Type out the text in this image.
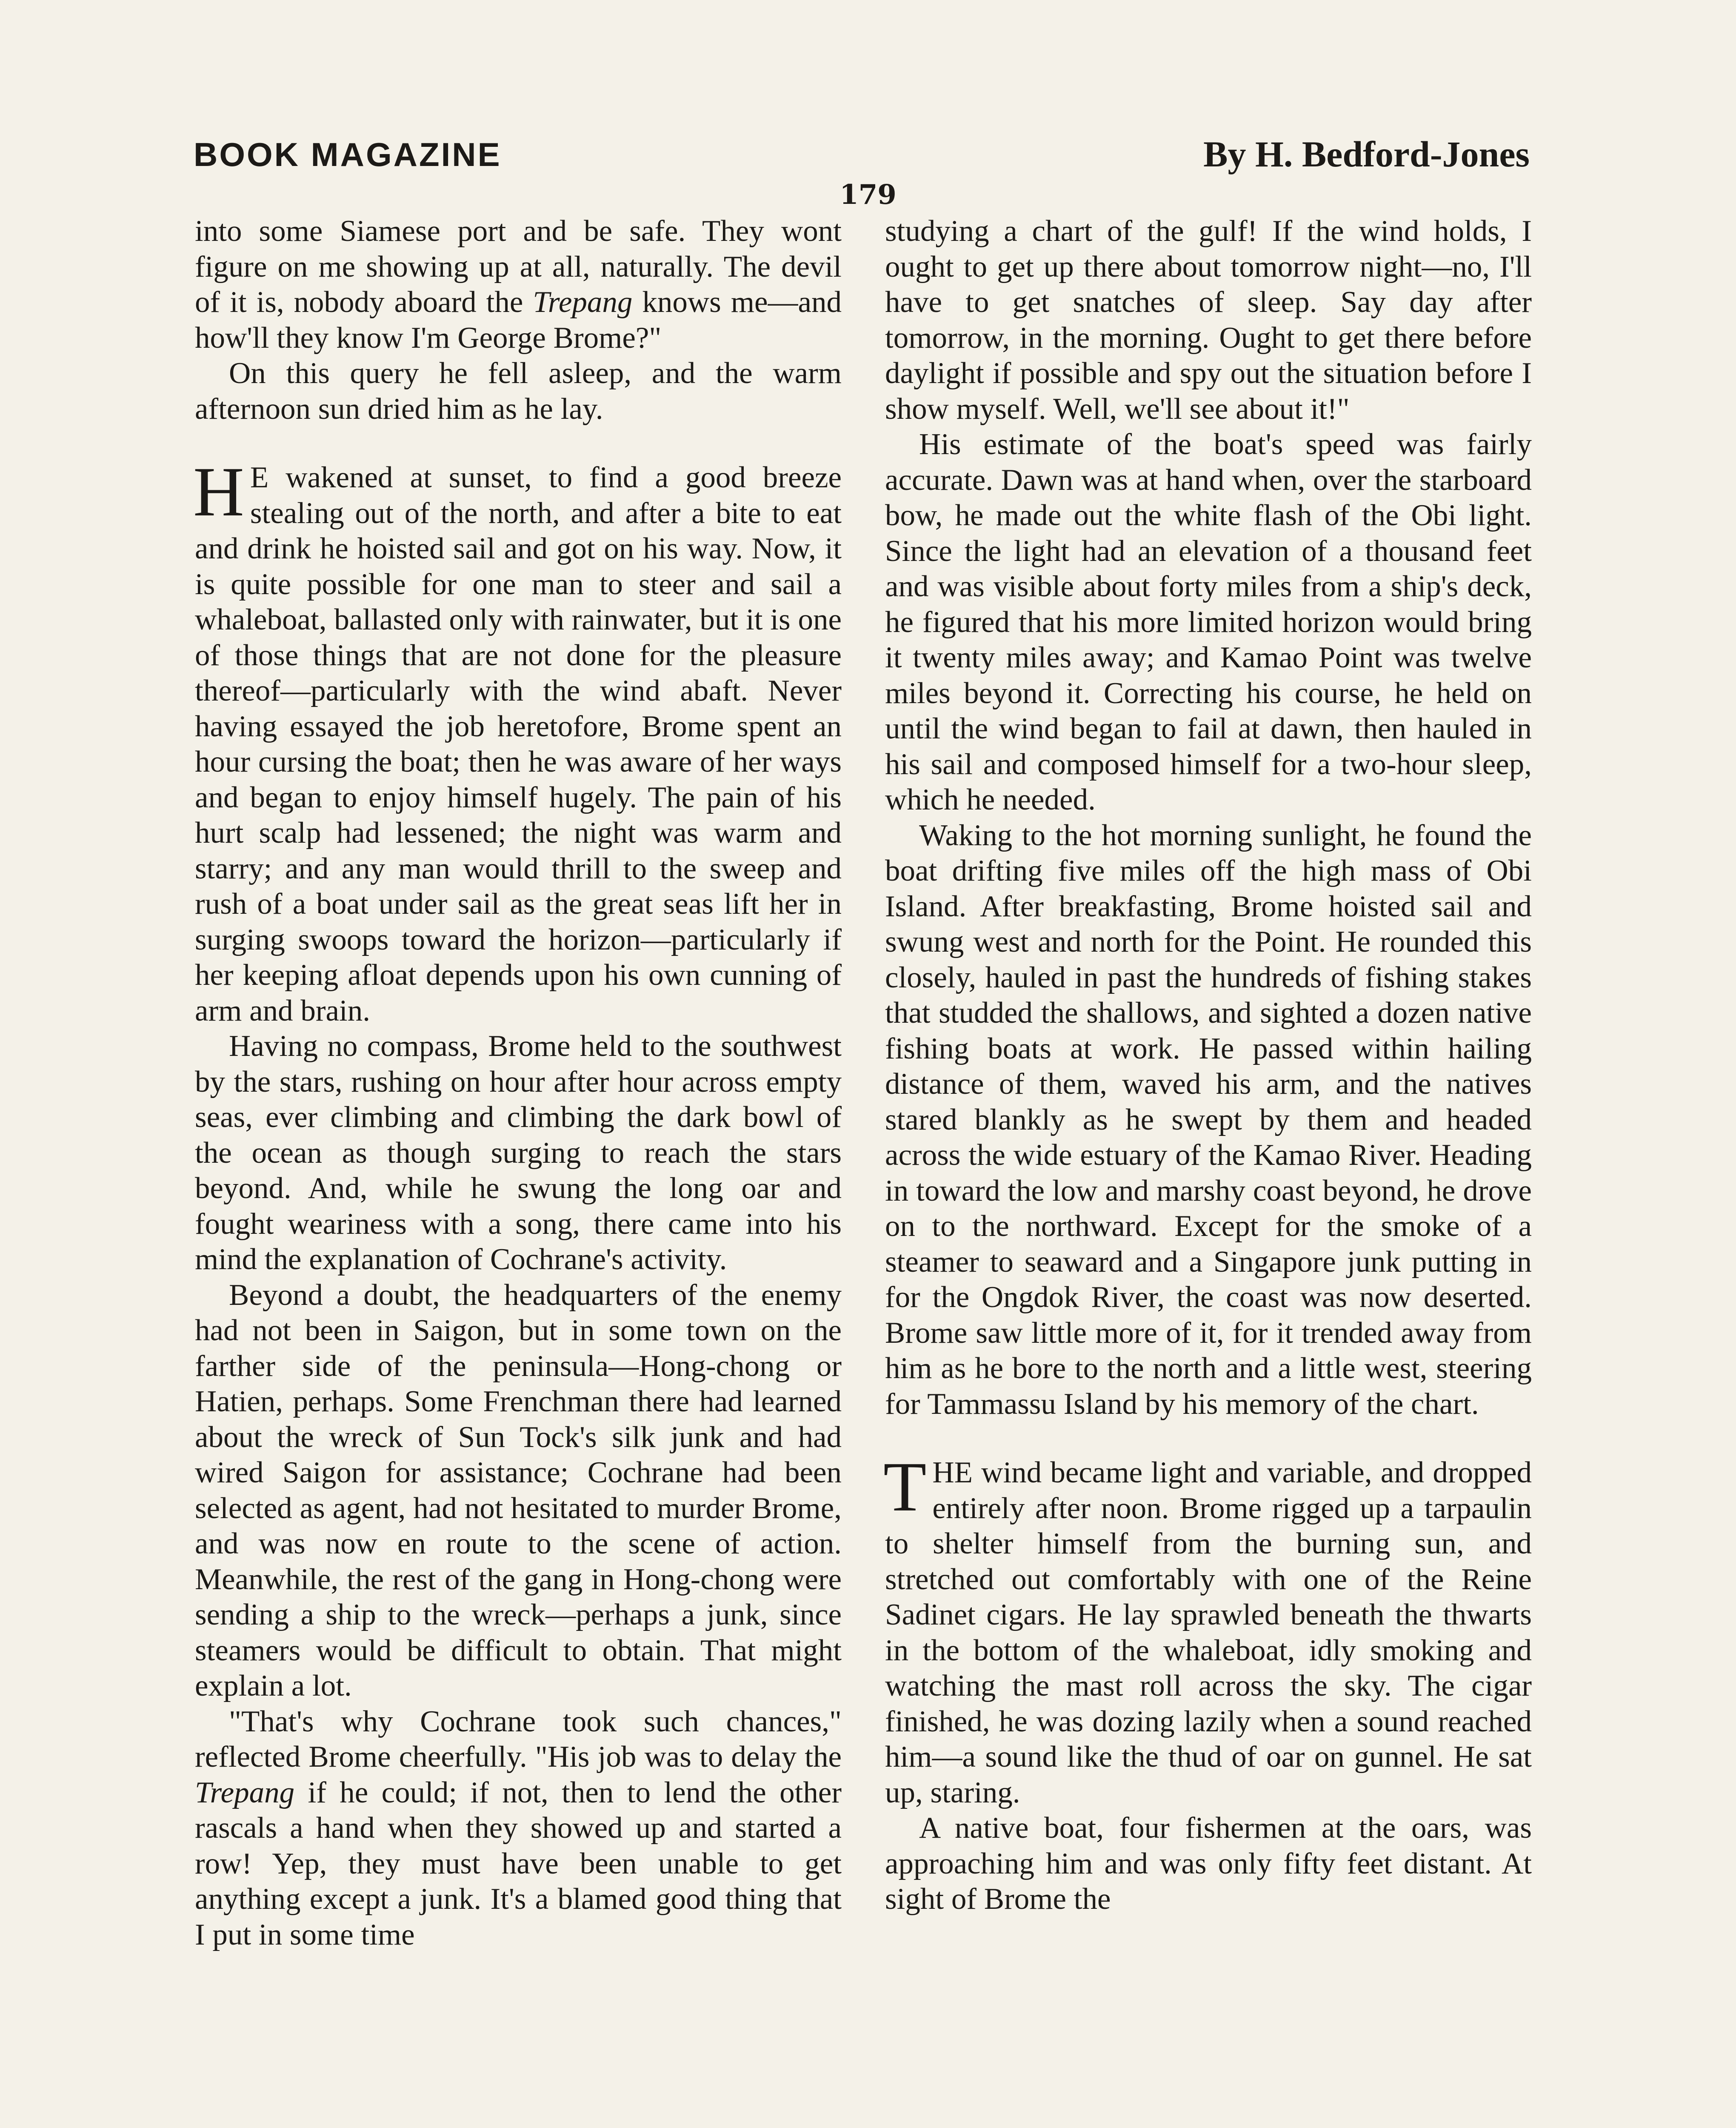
BOOK MAGAZINE	By H. Bedford-Jones
179

into some Siamese port and be safe. They wont figure on me showing up at all, naturally. The devil of it is, nobody aboard the Trepang knows me—and how'll they know I'm George Brome?"

On this query he fell asleep, and the warm afternoon sun dried him as he lay.

H E wakened at sunset, to find a good breeze stealing out of the north, and after a bite to eat and drink he hoisted sail and got on his way. Now, it is quite possible for one man to steer and sail a whaleboat, ballasted only with rainwater, but it is one of those things that are not done for the pleasure thereof—particularly with the wind abaft. Never having essayed the job heretofore, Brome spent an hour cursing the boat; then he was aware of her ways and began to enjoy himself hugely. The pain of his hurt scalp had lessened; the night was warm and starry; and any man would thrill to the sweep and rush of a boat under sail as the great seas lift her in surging swoops toward the horizon—particularly if her keeping afloat depends upon his own cunning of arm and brain.

Having no compass, Brome held to the southwest by the stars, rushing on hour after hour across empty seas, ever climbing and climbing the dark bowl of the ocean as though surging to reach the stars beyond. And, while he swung the long oar and fought weariness with a song, there came into his mind the explanation of Cochrane's activity.

Beyond a doubt, the headquarters of the enemy had not been in Saigon, but in some town on the farther side of the peninsula—Hong-chong or Hatien, perhaps. Some Frenchman there had learned about the wreck of Sun Tock's silk junk and had wired Saigon for assistance; Cochrane had been selected as agent, had not hesitated to murder Brome, and was now en route to the scene of action. Meanwhile, the rest of the gang in Hong-chong were sending a ship to the wreck—perhaps a junk, since steamers would be difficult to obtain. That might explain a lot.

"That's why Cochrane took such chances," reflected Brome cheerfully. "His job was to delay the Trepang if he could; if not, then to lend the other rascals a hand when they showed up and started a row! Yep, they must have been unable to get anything except a junk. It's a blamed good thing that I put in some time

studying a chart of the gulf! If the wind holds, I ought to get up there about tomorrow night—no, I'll have to get snatches of sleep. Say day after tomorrow, in the morning. Ought to get there before daylight if possible and spy out the situation before I show myself. Well, we'll see about it!"

His estimate of the boat's speed was fairly accurate. Dawn was at hand when, over the starboard bow, he made out the white flash of the Obi light. Since the light had an elevation of a thousand feet and was visible about forty miles from a ship's deck, he figured that his more limited horizon would bring it twenty miles away; and Kamao Point was twelve miles beyond it. Correcting his course, he held on until the wind began to fail at dawn, then hauled in his sail and composed himself for a two-hour sleep, which he needed.

Waking to the hot morning sunlight, he found the boat drifting five miles off the high mass of Obi Island. After breakfasting, Brome hoisted sail and swung west and north for the Point. He rounded this closely, hauled in past the hundreds of fishing stakes that studded the shallows, and sighted a dozen native fishing boats at work. He passed within hailing distance of them, waved his arm, and the natives stared blankly as he swept by them and headed across the wide estuary of the Kamao River. Heading in toward the low and marshy coast beyond, he drove on to the northward. Except for the smoke of a steamer to seaward and a Singapore junk putting in for the Ongdok River, the coast was now deserted. Brome saw little more of it, for it trended away from him as he bore to the north and a little west, steering for Tammassu Island by his memory of the chart.

THE wind became light and variable, and dropped entirely after noon. Brome rigged up a tarpaulin to shelter himself from the burning sun, and stretched out comfortably with one of the Reine Sadinet cigars. He lay sprawled beneath the thwarts in the bottom of the whaleboat, idly smoking and watching the mast roll across the sky. The cigar finished, he was dozing lazily when a sound reached him—a sound like the thud of oar on gunnel. He sat up, staring.

A native boat, four fishermen at the oars, was approaching him and was only fifty feet distant. At sight of Brome the
